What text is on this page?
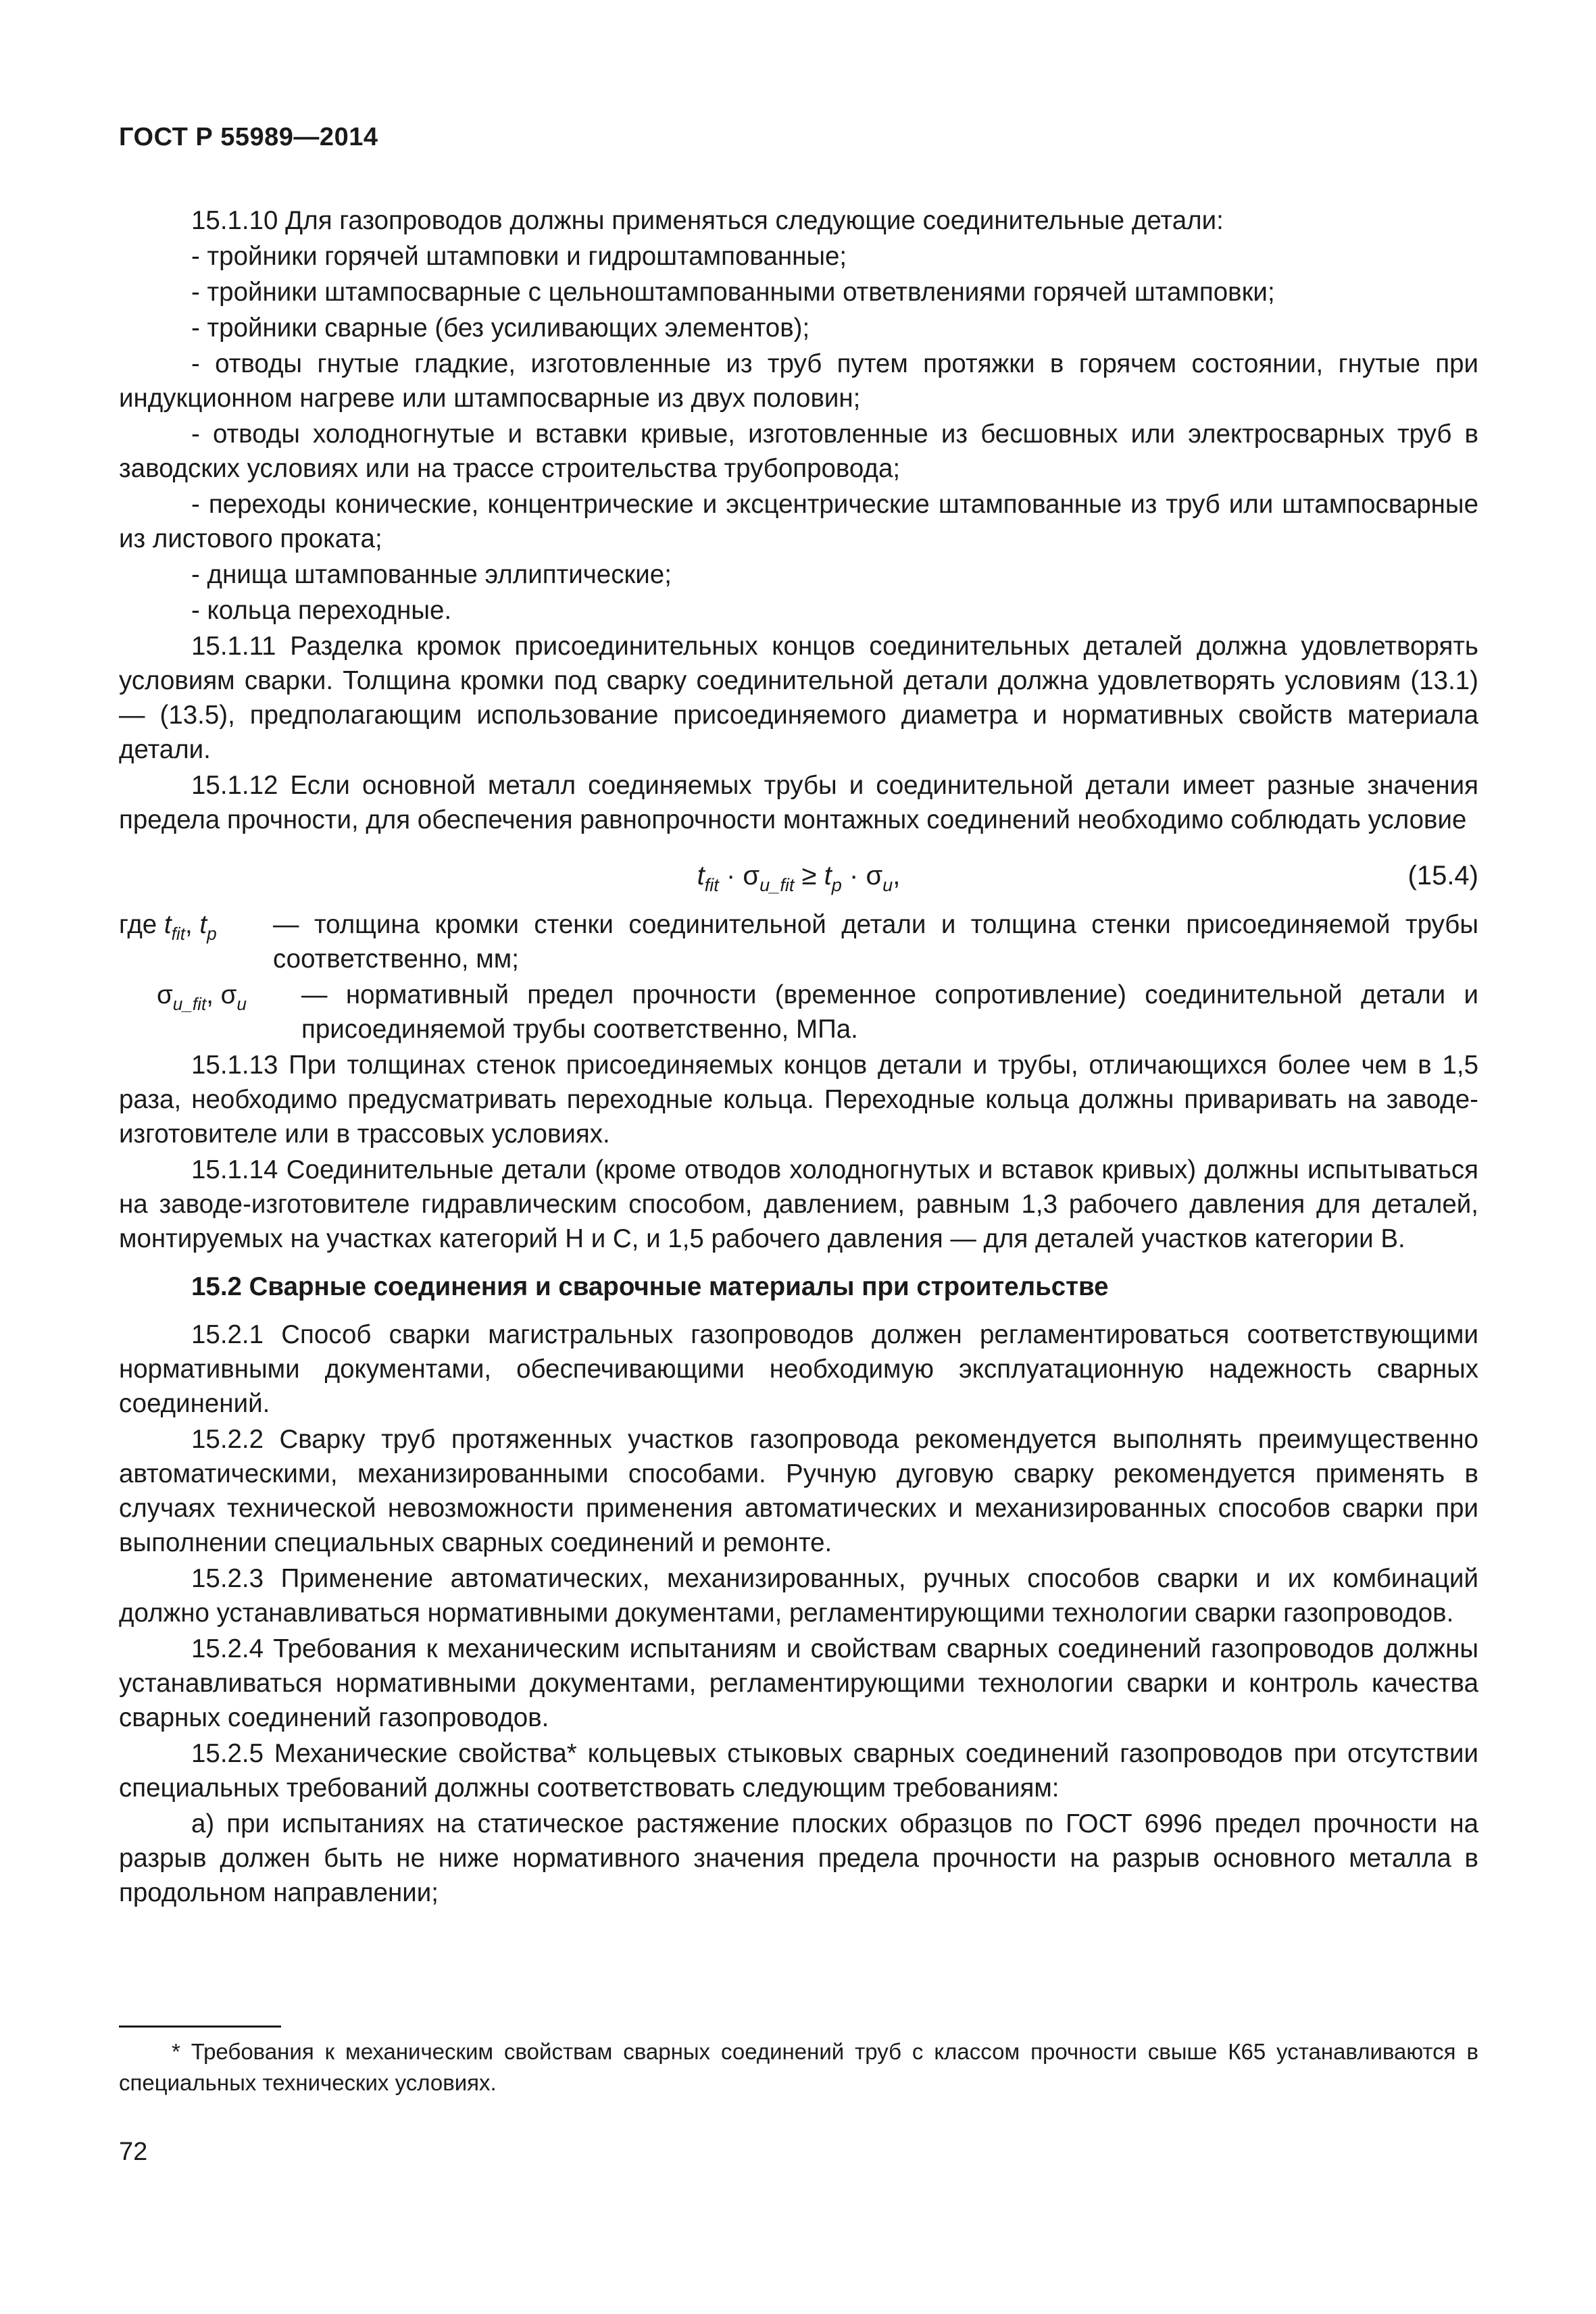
ГОСТ Р 55989—2014

15.1.10 Для газопроводов должны применяться следующие соединительные детали:

- тройники горячей штамповки и гидроштампованные;

- тройники штампосварные с цельноштампованными ответвлениями горячей штамповки;

- тройники сварные (без усиливающих элементов);

- отводы гнутые гладкие, изготовленные из труб путем протяжки в горячем состоянии, гнутые при индукционном нагреве или штампосварные из двух половин;

- отводы холодногнутые и вставки кривые, изготовленные из бесшовных или электросварных труб в заводских условиях или на трассе строительства трубопровода;

- переходы конические, концентрические и эксцентрические штампованные из труб или штампосварные из листового проката;

- днища штампованные эллиптические;

- кольца переходные.

15.1.11 Разделка кромок присоединительных концов соединительных деталей должна удовлетворять условиям сварки. Толщина кромки под сварку соединительной детали должна удовлетворять условиям (13.1) — (13.5), предполагающим использование присоединяемого диаметра и нормативных свойств материала детали.

15.1.12 Если основной металл соединяемых трубы и соединительной детали имеет разные значения предела прочности, для обеспечения равнопрочности монтажных соединений необходимо соблюдать условие

$t_{fit} \cdot \sigma_{u\_fit} \ge t_p \cdot \sigma_u$,	(15.4)
где $t_{fit}$, $t_p$ — толщина кромки стенки соединительной детали и толщина стенки присоединяемой трубы соответственно, мм;
$\sigma_{u\_fit}$, $\sigma_u$ — нормативный предел прочности (временное сопротивление) соединительной детали и присоединяемой трубы соответственно, МПа.

15.1.13 При толщинах стенок присоединяемых концов детали и трубы, отличающихся более чем в 1,5 раза, необходимо предусматривать переходные кольца. Переходные кольца должны приваривать на заводе-изготовителе или в трассовых условиях.

15.1.14 Соединительные детали (кроме отводов холодногнутых и вставок кривых) должны испытываться на заводе-изготовителе гидравлическим способом, давлением, равным 1,3 рабочего давления для деталей, монтируемых на участках категорий Н и С, и 1,5 рабочего давления — для деталей участков категории В.

15.2 Сварные соединения и сварочные материалы при строительстве

15.2.1 Способ сварки магистральных газопроводов должен регламентироваться соответствующими нормативными документами, обеспечивающими необходимую эксплуатационную надежность сварных соединений.

15.2.2 Сварку труб протяженных участков газопровода рекомендуется выполнять преимущественно автоматическими, механизированными способами. Ручную дуговую сварку рекомендуется применять в случаях технической невозможности применения автоматических и механизированных способов сварки при выполнении специальных сварных соединений и ремонте.

15.2.3 Применение автоматических, механизированных, ручных способов сварки и их комбинаций должно устанавливаться нормативными документами, регламентирующими технологии сварки газопроводов.

15.2.4 Требования к механическим испытаниям и свойствам сварных соединений газопроводов должны устанавливаться нормативными документами, регламентирующими технологии сварки и контроль качества сварных соединений газопроводов.

15.2.5 Механические свойства* кольцевых стыковых сварных соединений газопроводов при отсутствии специальных требований должны соответствовать следующим требованиям:

а) при испытаниях на статическое растяжение плоских образцов по ГОСТ 6996 предел прочности на разрыв должен быть не ниже нормативного значения предела прочности на разрыв основного металла в продольном направлении;

* Требования к механическим свойствам сварных соединений труб с классом прочности свыше К65 устанавливаются в специальных технических условиях.
72
